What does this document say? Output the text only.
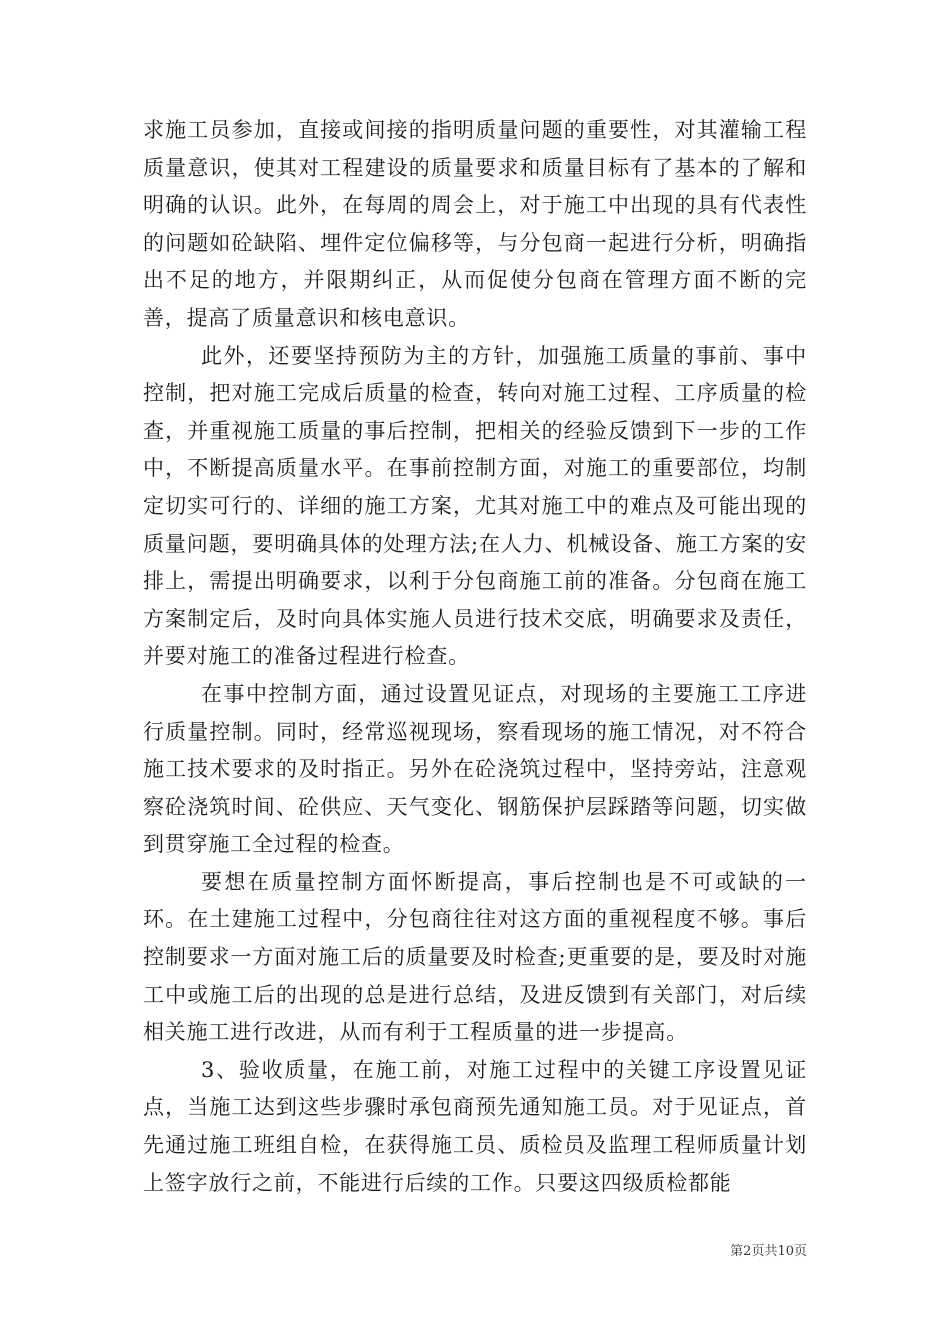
求施工员参加，直接或间接的指明质量问题的重要性，对其灌输工程质量意识，使其对工程建设的质量要求和质量目标有了基本的了解和明确的认识。此外，在每周的周会上，对于施工中出现的具有代表性的问题如砼缺陷、埋件定位偏移等，与分包商一起进行分析，明确指出不足的地方，并限期纠正，从而促使分包商在管理方面不断的完善，提高了质量意识和核电意识。

此外，还要坚持预防为主的方针，加强施工质量的事前、事中控制，把对施工完成后质量的检查，转向对施工过程、工序质量的检查，并重视施工质量的事后控制，把相关的经验反馈到下一步的工作中，不断提高质量水平。在事前控制方面，对施工的重要部位，均制定切实可行的、详细的施工方案，尤其对施工中的难点及可能出现的质量问题，要明确具体的处理方法;在人力、机械设备、施工方案的安排上，需提出明确要求，以利于分包商施工前的准备。分包商在施工方案制定后，及时向具体实施人员进行技术交底，明确要求及责任，并要对施工的准备过程进行检查。

在事中控制方面，通过设置见证点，对现场的主要施工工序进行质量控制。同时，经常巡视现场，察看现场的施工情况，对不符合施工技术要求的及时指正。另外在砼浇筑过程中，坚持旁站，注意观察砼浇筑时间、砼供应、天气变化、钢筋保护层踩踏等问题，切实做到贯穿施工全过程的检查。

要想在质量控制方面怀断提高，事后控制也是不可或缺的一环。在土建施工过程中，分包商往往对这方面的重视程度不够。事后控制要求一方面对施工后的质量要及时检查;更重要的是，要及时对施工中或施工后的出现的总是进行总结，及进反馈到有关部门，对后续相关施工进行改进，从而有利于工程质量的进一步提高。

3、验收质量，在施工前，对施工过程中的关键工序设置见证点，当施工达到这些步骤时承包商预先通知施工员。对于见证点，首先通过施工班组自检，在获得施工员、质检员及监理工程师质量计划上签字放行之前，不能进行后续的工作。只要这四级质检都能

第2页共10页
